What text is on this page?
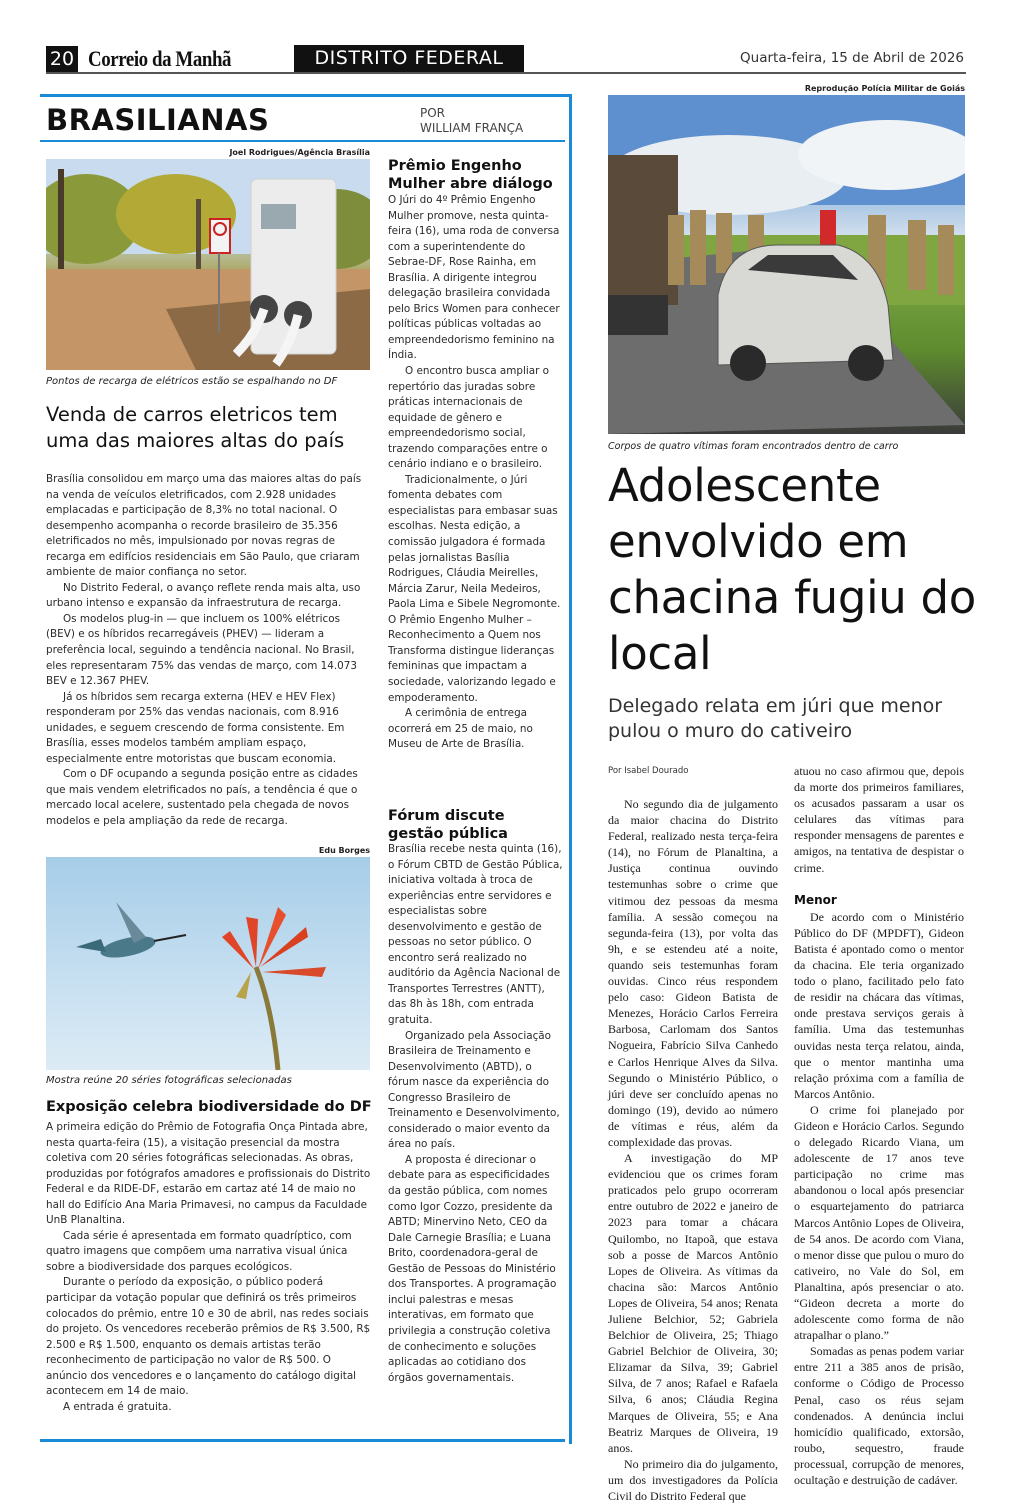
20 Correio da Manhã	DISTRITO FEDERAL	Quarta-feira, 15 de Abril de 2026
BRASILIANAS	POR
WILLIAM FRANÇA
Joel Rodrigues/Agência Brasília
Pontos de recarga de elétricos estão se espalhando no DF
Venda de carros eletricos tem uma das maiores altas do país

Brasília consolidou em março uma das maiores altas do país na venda de veículos eletrificados, com 2.928 unidades emplacadas e participação de 8,3% no total nacional. O desempenho acompanha o recorde brasileiro de 35.356 eletrificados no mês, impulsionado por novas regras de recarga em edifícios residenciais em São Paulo, que criaram ambiente de maior confiança no setor.

No Distrito Federal, o avanço reflete renda mais alta, uso urbano intenso e expansão da infraestrutura de recarga.

Os modelos plug-in — que incluem os 100% elétricos (BEV) e os híbridos recarregáveis (PHEV) — lideram a preferência local, seguindo a tendência nacional. No Brasil, eles representaram 75% das vendas de março, com 14.073 BEV e 12.367 PHEV.

Já os híbridos sem recarga externa (HEV e HEV Flex) responderam por 25% das vendas nacionais, com 8.916 unidades, e seguem crescendo de forma consistente. Em Brasília, esses modelos também ampliam espaço, especialmente entre motoristas que buscam economia.

Com o DF ocupando a segunda posição entre as cidades que mais vendem eletrificados no país, a tendência é que o mercado local acelere, sustentado pela chegada de novos modelos e pela ampliação da rede de recarga.

Edu Borges
Mostra reúne 20 séries fotográficas selecionadas
Exposição celebra biodiversidade do DF

A primeira edição do Prêmio de Fotografia Onça Pintada abre, nesta quarta-feira (15), a visitação presencial da mostra coletiva com 20 séries fotográficas selecionadas. As obras, produzidas por fotógrafos amadores e profissionais do Distrito Federal e da RIDE-DF, estarão em cartaz até 14 de maio no hall do Edifício Ana Maria Primavesi, no campus da Faculdade UnB Planaltina.

Cada série é apresentada em formato quadríptico, com quatro imagens que compõem uma narrativa visual única sobre a biodiversidade dos parques ecológicos.

Durante o período da exposição, o público poderá participar da votação popular que definirá os três primeiros colocados do prêmio, entre 10 e 30 de abril, nas redes sociais do projeto. Os vencedores receberão prêmios de R$ 3.500, R$ 2.500 e R$ 1.500, enquanto os demais artistas terão reconhecimento de participação no valor de R$ 500. O anúncio dos vencedores e o lançamento do catálogo digital acontecem em 14 de maio.

A entrada é gratuita.

Prêmio Engenho Mulher abre diálogo

O Júri do 4º Prêmio Engenho Mulher promove, nesta quinta-feira (16), uma roda de conversa com a superintendente do Sebrae-DF, Rose Rainha, em Brasília. A dirigente integrou delegação brasileira convidada pelo Brics Women para conhecer políticas públicas voltadas ao empreendedorismo feminino na Índia.

O encontro busca ampliar o repertório das juradas sobre práticas internacionais de equidade de gênero e empreendedorismo social, trazendo comparações entre o cenário indiano e o brasileiro.

Tradicionalmente, o Júri fomenta debates com especialistas para embasar suas escolhas. Nesta edição, a comissão julgadora é formada pelas jornalistas Basília Rodrigues, Cláudia Meirelles, Márcia Zarur, Neila Medeiros, Paola Lima e Sibele Negromonte.

O Prêmio Engenho Mulher – Reconhecimento a Quem nos Transforma distingue lideranças femininas que impactam a sociedade, valorizando legado e empoderamento.

A cerimônia de entrega ocorrerá em 25 de maio, no Museu de Arte de Brasília.

Fórum discute gestão pública

Brasília recebe nesta quinta (16), o Fórum CBTD de Gestão Pública, iniciativa voltada à troca de experiências entre servidores e especialistas sobre desenvolvimento e gestão de pessoas no setor público. O encontro será realizado no auditório da Agência Nacional de Transportes Terrestres (ANTT), das 8h às 18h, com entrada gratuita.

Organizado pela Associação Brasileira de Treinamento e Desenvolvimento (ABTD), o fórum nasce da experiência do Congresso Brasileiro de Treinamento e Desenvolvimento, considerado o maior evento da área no país.

A proposta é direcionar o debate para as especificidades da gestão pública, com nomes como Igor Cozzo, presidente da ABTD; Minervino Neto, CEO da Dale Carnegie Brasília; e Luana Brito, coordenadora-geral de Gestão de Pessoas do Ministério dos Transportes. A programação inclui palestras e mesas interativas, em formato que privilegia a construção coletiva de conhecimento e soluções aplicadas ao cotidiano dos órgãos governamentais.

Reprodução Polícia Militar de Goiás
Corpos de quatro vítimas foram encontrados dentro de carro
Adolescente envolvido em chacina fugiu do local
Delegado relata em júri que menor pulou o muro do cativeiro
Por Isabel Dourado

No segundo dia de julgamento da maior chacina do Distrito Federal, realizado nesta terça-feira (14), no Fórum de Planaltina, a Justiça continua ouvindo testemunhas sobre o crime que vitimou dez pessoas da mesma família. A sessão começou na segunda-feira (13), por volta das 9h, e se estendeu até a noite, quando seis testemunhas foram ouvidas. Cinco réus respondem pelo caso: Gideon Batista de Menezes, Horácio Carlos Ferreira Barbosa, Carlomam dos Santos Nogueira, Fabrício Silva Canhedo e Carlos Henrique Alves da Silva. Segundo o Ministério Público, o júri deve ser concluído apenas no domingo (19), devido ao número de vítimas e réus, além da complexidade das provas.

A investigação do MP evidenciou que os crimes foram praticados pelo grupo ocorreram entre outubro de 2022 e janeiro de 2023 para tomar a chácara Quilombo, no Itapoã, que estava sob a posse de Marcos Antônio Lopes de Oliveira. As vítimas da chacina são: Marcos Antônio Lopes de Oliveira, 54 anos; Renata Juliene Belchior, 52; Gabriela Belchior de Oliveira, 25; Thiago Gabriel Belchior de Oliveira, 30; Elizamar da Silva, 39; Gabriel Silva, de 7 anos; Rafael e Rafaela Silva, 6 anos; Cláudia Regina Marques de Oliveira, 55; e Ana Beatriz Marques de Oliveira, 19 anos.

No primeiro dia do julgamento, um dos investigadores da Polícia Civil do Distrito Federal que

atuou no caso afirmou que, depois da morte dos primeiros familiares, os acusados passaram a usar os celulares das vítimas para responder mensagens de parentes e amigos, na tentativa de despistar o crime.

Menor

De acordo com o Ministério Público do DF (MPDFT), Gideon Batista é apontado como o mentor da chacina. Ele teria organizado todo o plano, facilitado pelo fato de residir na chácara das vítimas, onde prestava serviços gerais à família. Uma das testemunhas ouvidas nesta terça relatou, ainda, que o mentor mantinha uma relação próxima com a família de Marcos Antônio.

O crime foi planejado por Gideon e Horácio Carlos. Segundo o delegado Ricardo Viana, um adolescente de 17 anos teve participação no crime mas abandonou o local após presenciar o esquartejamento do patriarca Marcos Antônio Lopes de Oliveira, de 54 anos. De acordo com Viana, o menor disse que pulou o muro do cativeiro, no Vale do Sol, em Planaltina, após presenciar o ato. “Gideon decreta a morte do adolescente como forma de não atrapalhar o plano.”

Somadas as penas podem variar entre 211 a 385 anos de prisão, conforme o Código de Processo Penal, caso os réus sejam condenados. A denúncia inclui homicídio qualificado, extorsão, roubo, sequestro, fraude processual, corrupção de menores, ocultação e destruição de cadáver.
